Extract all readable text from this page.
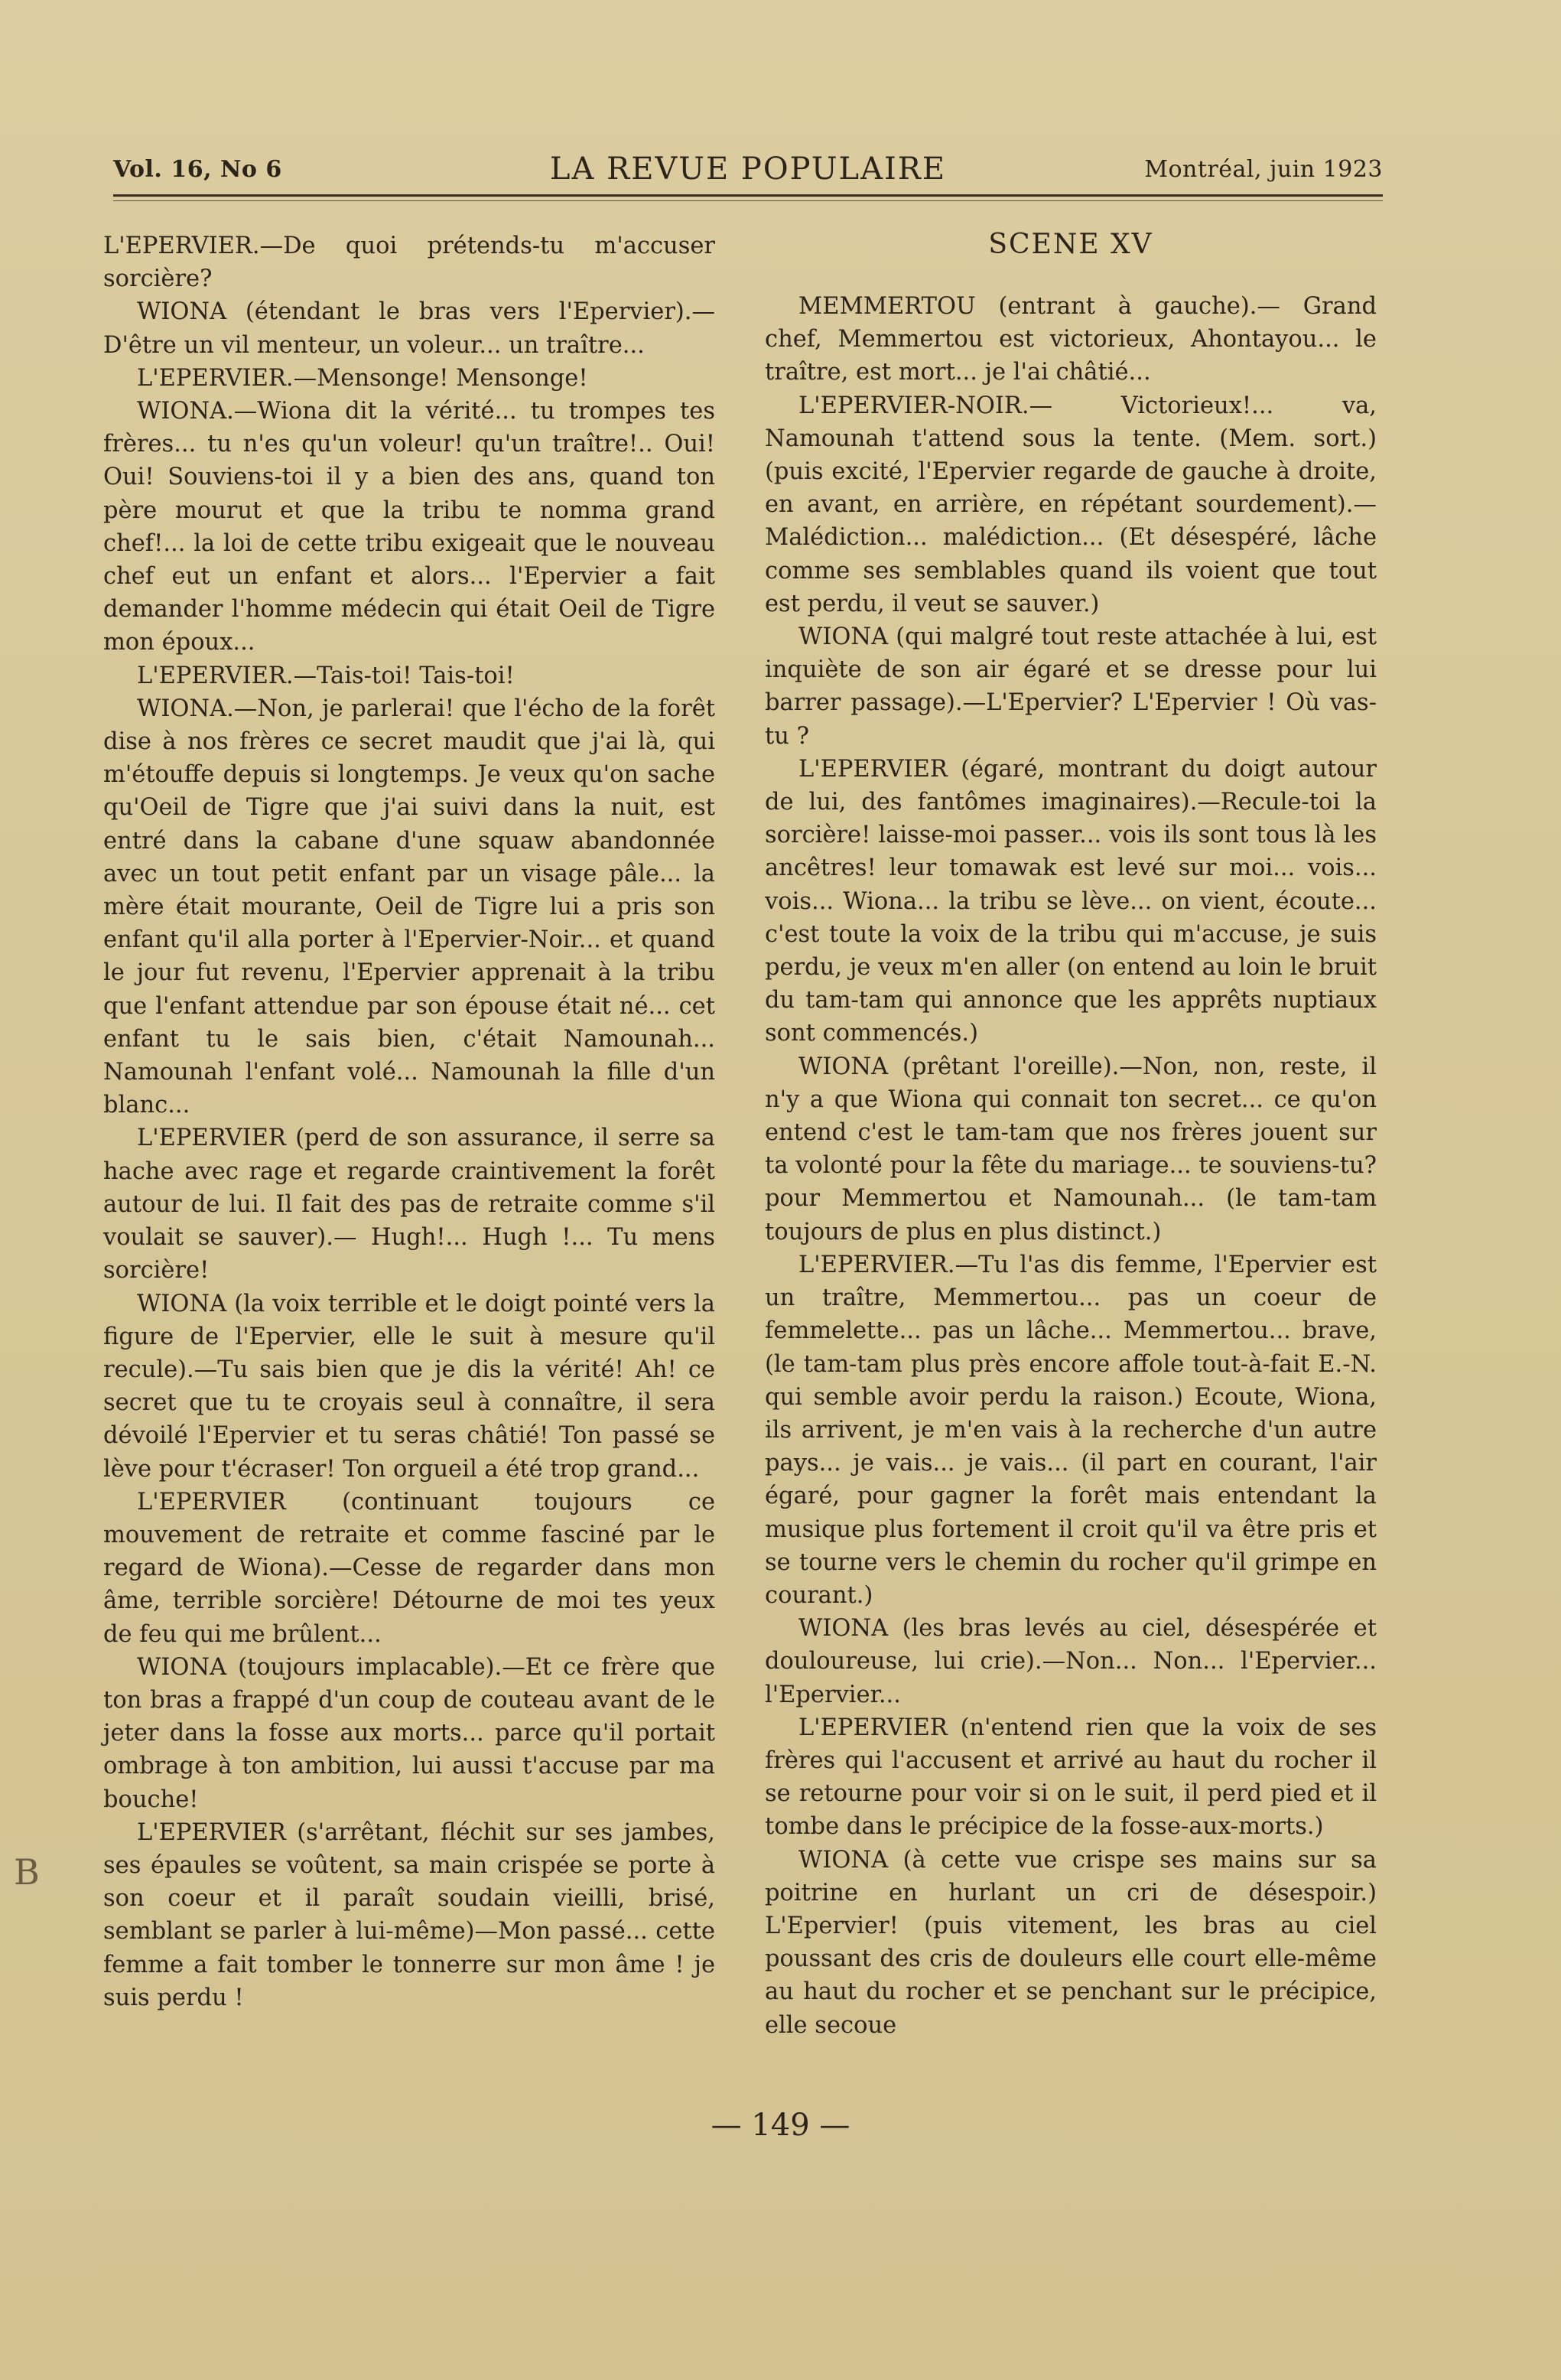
Vol. 16, No 6	LA REVUE POPULAIRE	Montréal, juin 1923

L'EPERVIER.—De quoi prétends-tu m'accuser sorcière?

WIONA (étendant le bras vers l'Epervier).— D'être un vil menteur, un voleur... un traître...

L'EPERVIER.—Mensonge! Mensonge!

WIONA.—Wiona dit la vérité... tu trompes tes frères... tu n'es qu'un voleur! qu'un traître!.. Oui! Oui! Souviens-toi il y a bien des ans, quand ton père mourut et que la tribu te nomma grand chef!... la loi de cette tribu exigeait que le nouveau chef eut un enfant et alors... l'Epervier a fait demander l'homme médecin qui était Oeil de Tigre mon époux...

L'EPERVIER.—Tais-toi! Tais-toi!

WIONA.—Non, je parlerai! que l'écho de la forêt dise à nos frères ce secret maudit que j'ai là, qui m'étouffe depuis si longtemps. Je veux qu'on sache qu'Oeil de Tigre que j'ai suivi dans la nuit, est entré dans la cabane d'une squaw abandonnée avec un tout petit enfant par un visage pâle... la mère était mourante, Oeil de Tigre lui a pris son enfant qu'il alla porter à l'Epervier-Noir... et quand le jour fut revenu, l'Epervier apprenait à la tribu que l'enfant attendue par son épouse était né... cet enfant tu le sais bien, c'était Namounah... Namounah l'enfant volé... Namounah la fille d'un blanc...

L'EPERVIER (perd de son assurance, il serre sa hache avec rage et regarde craintivement la forêt autour de lui. Il fait des pas de retraite comme s'il voulait se sauver).— Hugh!... Hugh !... Tu mens sorcière!

WIONA (la voix terrible et le doigt pointé vers la figure de l'Epervier, elle le suit à mesure qu'il recule).—Tu sais bien que je dis la vérité! Ah! ce secret que tu te croyais seul à connaître, il sera dévoilé l'Epervier et tu seras châtié! Ton passé se lève pour t'écraser! Ton orgueil a été trop grand...

L'EPERVIER (continuant toujours ce mouvement de retraite et comme fasciné par le regard de Wiona).—Cesse de regarder dans mon âme, terrible sorcière! Détourne de moi tes yeux de feu qui me brûlent...

WIONA (toujours implacable).—Et ce frère que ton bras a frappé d'un coup de couteau avant de le jeter dans la fosse aux morts... parce qu'il portait ombrage à ton ambition, lui aussi t'accuse par ma bouche!

L'EPERVIER (s'arrêtant, fléchit sur ses jambes, ses épaules se voûtent, sa main crispée se porte à son coeur et il paraît soudain vieilli, brisé, semblant se parler à lui-même)—Mon passé... cette femme a fait tomber le tonnerre sur mon âme ! je suis perdu !

SCENE XV

MEMMERTOU (entrant à gauche).— Grand chef, Memmertou est victorieux, Ahontayou... le traître, est mort... je l'ai châtié...

L'EPERVIER-NOIR.— Victorieux!... va, Namounah t'attend sous la tente. (Mem. sort.) (puis excité, l'Epervier regarde de gauche à droite, en avant, en arrière, en répétant sourdement).—Malédiction... malédiction... (Et désespéré, lâche comme ses semblables quand ils voient que tout est perdu, il veut se sauver.)

WIONA (qui malgré tout reste attachée à lui, est inquiète de son air égaré et se dresse pour lui barrer passage).—L'Epervier? L'Epervier ! Où vas-tu ?

L'EPERVIER (égaré, montrant du doigt autour de lui, des fantômes imaginaires).—Recule-toi la sorcière! laisse-moi passer... vois ils sont tous là les ancêtres! leur tomawak est levé sur moi... vois... vois... Wiona... la tribu se lève... on vient, écoute... c'est toute la voix de la tribu qui m'accuse, je suis perdu, je veux m'en aller (on entend au loin le bruit du tam-tam qui annonce que les apprêts nuptiaux sont commencés.)

WIONA (prêtant l'oreille).—Non, non, reste, il n'y a que Wiona qui connait ton secret... ce qu'on entend c'est le tam-tam que nos frères jouent sur ta volonté pour la fête du mariage... te souviens-tu? pour Memmertou et Namounah... (le tam-tam toujours de plus en plus distinct.)

L'EPERVIER.—Tu l'as dis femme, l'Epervier est un traître, Memmertou... pas un coeur de femmelette... pas un lâche... Memmertou... brave, (le tam-tam plus près encore affole tout-à-fait E.-N. qui semble avoir perdu la raison.) Ecoute, Wiona, ils arrivent, je m'en vais à la recherche d'un autre pays... je vais... je vais... (il part en courant, l'air égaré, pour gagner la forêt mais entendant la musique plus fortement il croit qu'il va être pris et se tourne vers le chemin du rocher qu'il grimpe en courant.)

WIONA (les bras levés au ciel, désespérée et douloureuse, lui crie).—Non... Non... l'Epervier... l'Epervier...

L'EPERVIER (n'entend rien que la voix de ses frères qui l'accusent et arrivé au haut du rocher il se retourne pour voir si on le suit, il perd pied et il tombe dans le précipice de la fosse-aux-morts.)

WIONA (à cette vue crispe ses mains sur sa poitrine en hurlant un cri de désespoir.) L'Epervier! (puis vitement, les bras au ciel poussant des cris de douleurs elle court elle-même au haut du rocher et se penchant sur le précipice, elle secoue

— 149 —
B
